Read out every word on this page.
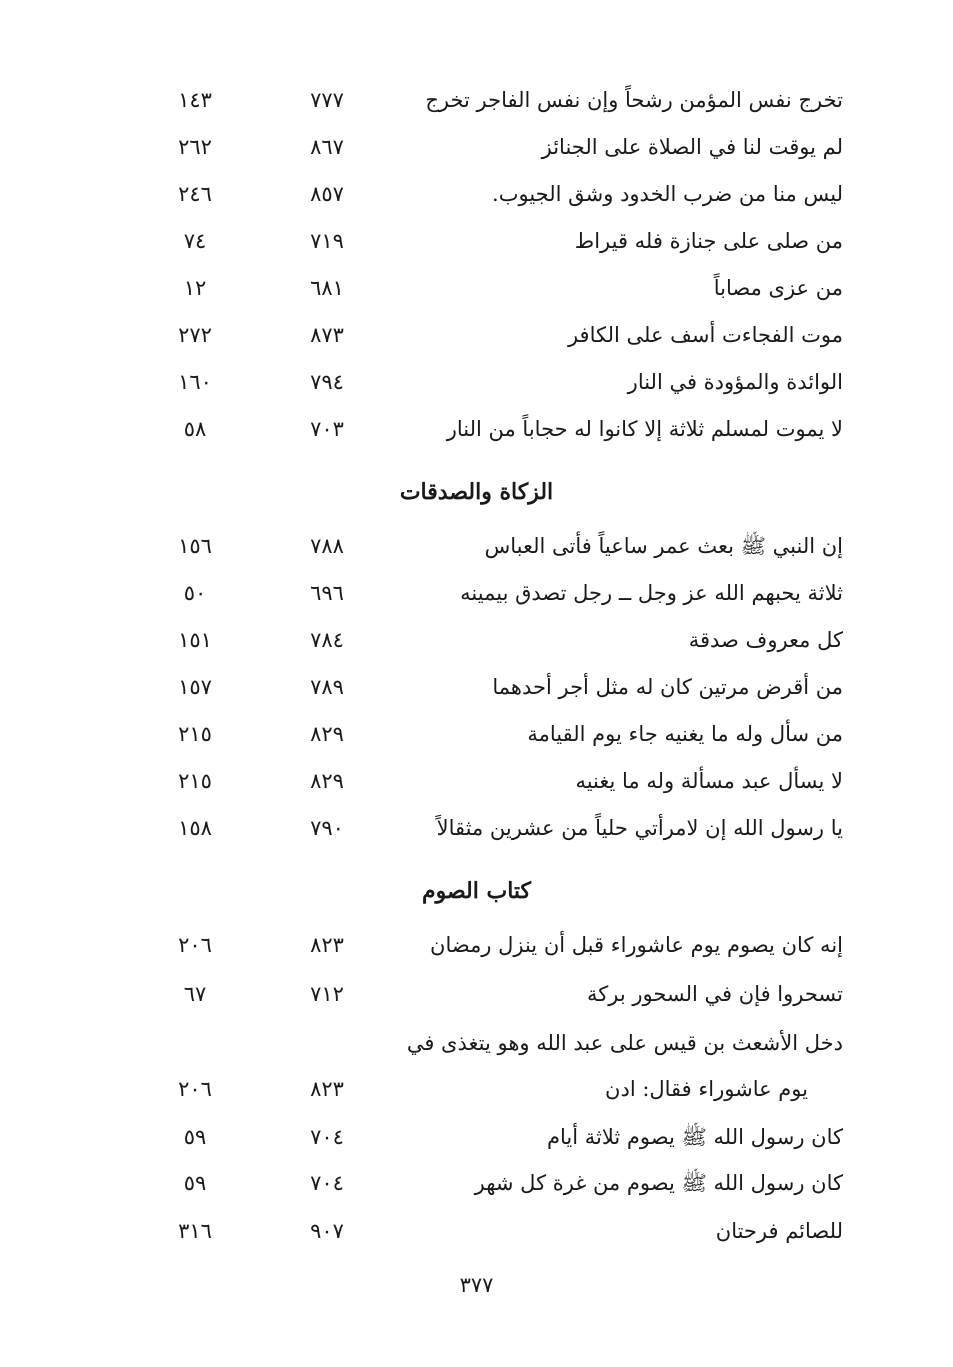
تخرج نفس المؤمن رشحاً وإن نفس الفاجر تخرج
٧٧٧
١٤٣
لم يوقت لنا في الصلاة على الجنائز
٨٦٧
٢٦٢
ليس منا من ضرب الخدود وشق الجيوب.
٨٥٧
٢٤٦
من صلى على جنازة فله قيراط
٧١٩
٧٤
من عزى مصاباً
٦٨١
١٢
موت الفجاءت أسف على الكافر
٨٧٣
٢٧٢
الوائدة والمؤودة في النار
٧٩٤
١٦٠
لا يموت لمسلم ثلاثة إلا كانوا له حجاباً من النار
٧٠٣
٥٨
الزكاة والصدقات
إن النبي ﷺ بعث عمر ساعياً فأتى العباس
٧٨٨
١٥٦
ثلاثة يحبهم الله عز وجل ــ رجل تصدق بيمينه
٦٩٦
٥٠
كل معروف صدقة
٧٨٤
١٥١
من أقرض مرتين كان له مثل أجر أحدهما
٧٨٩
١٥٧
من سأل وله ما يغنيه جاء يوم القيامة
٨٢٩
٢١٥
لا يسأل عبد مسألة وله ما يغنيه
٨٢٩
٢١٥
يا رسول الله إن لامرأتي حلياً من عشرين مثقالاً
٧٩٠
١٥٨
كتاب الصوم
إنه كان يصوم يوم عاشوراء قبل أن ينزل رمضان
٨٢٣
٢٠٦
تسحروا فإن في السحور بركة
٧١٢
٦٧
دخل الأشعث بن قيس على عبد الله وهو يتغذى في
يوم عاشوراء فقال: ادن
٨٢٣
٢٠٦
كان رسول الله ﷺ يصوم ثلاثة أيام
٧٠٤
٥٩
كان رسول الله ﷺ يصوم من غرة كل شهر
٧٠٤
٥٩
للصائم فرحتان
٩٠٧
٣١٦
٣٧٧
